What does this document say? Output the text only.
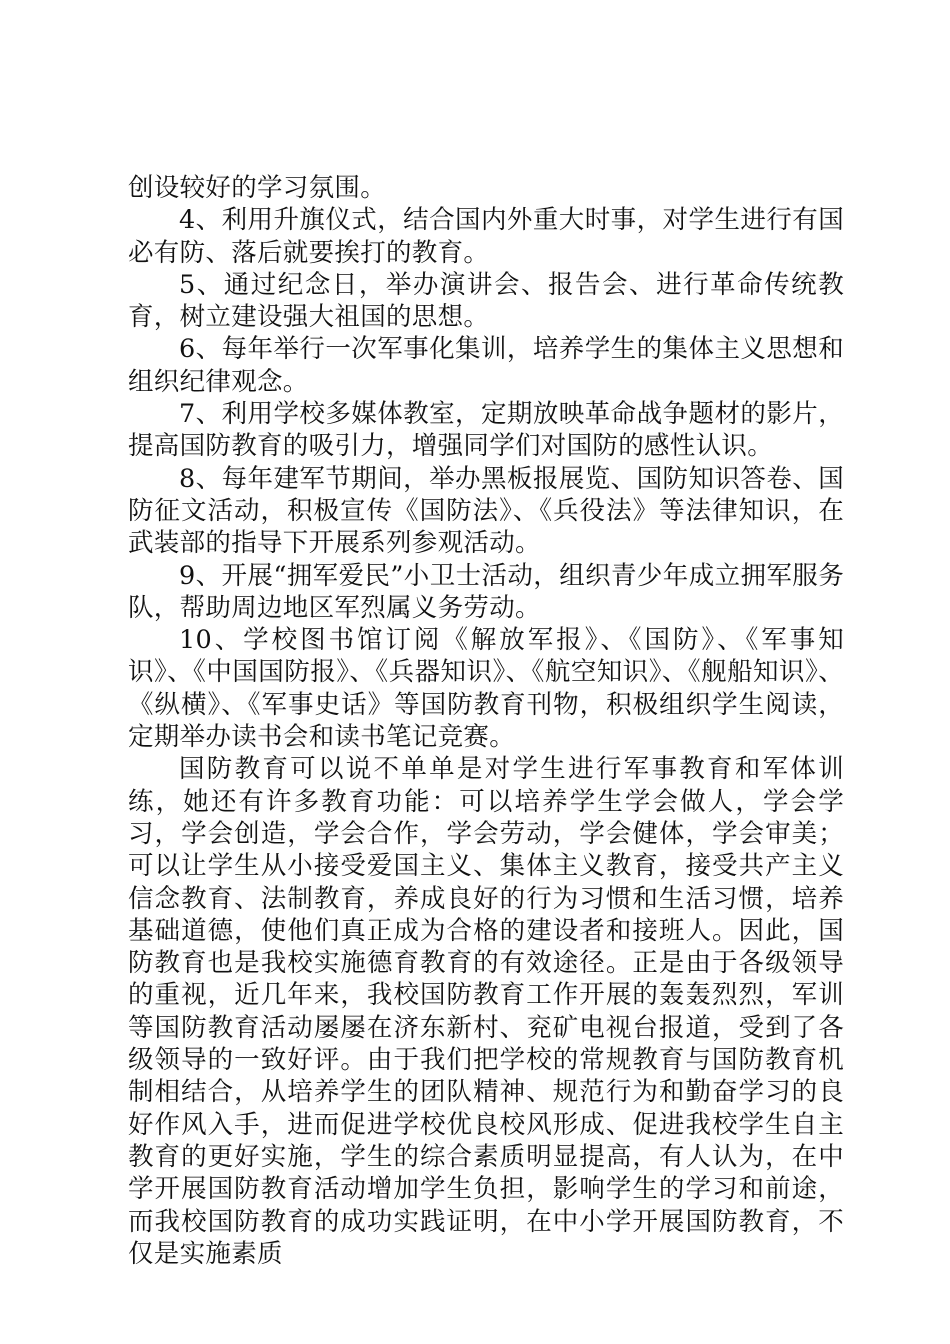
创设较好的学习氛围。

4、利用升旗仪式，结合国内外重大时事，对学生进行有国必有防、落后就要挨打的教育。

5、通过纪念日，举办演讲会、报告会、进行革命传统教育，树立建设强大祖国的思想。

6、每年举行一次军事化集训，培养学生的集体主义思想和组织纪律观念。

7、利用学校多媒体教室，定期放映革命战争题材的影片，提高国防教育的吸引力，增强同学们对国防的感性认识。

8、每年建军节期间，举办黑板报展览、国防知识答卷、国防征文活动，积极宣传《国防法》、《兵役法》等法律知识，在武装部的指导下开展系列参观活动。

9、开展“拥军爱民”小卫士活动，组织青少年成立拥军服务队，帮助周边地区军烈属义务劳动。

10、学校图书馆订阅《解放军报》、《国防》、《军事知识》、《中国国防报》、《兵器知识》、《航空知识》、《舰船知识》、《纵横》、《军事史话》等国防教育刊物，积极组织学生阅读，定期举办读书会和读书笔记竞赛。

国防教育可以说不单单是对学生进行军事教育和军体训练，她还有许多教育功能：可以培养学生学会做人，学会学习，学会创造，学会合作，学会劳动，学会健体，学会审美；可以让学生从小接受爱国主义、集体主义教育，接受共产主义信念教育、法制教育，养成良好的行为习惯和生活习惯，培养基础道德，使他们真正成为合格的建设者和接班人。因此，国防教育也是我校实施德育教育的有效途径。正是由于各级领导的重视，近几年来，我校国防教育工作开展的轰轰烈烈，军训等国防教育活动屡屡在济东新村、兖矿电视台报道，受到了各级领导的一致好评。由于我们把学校的常规教育与国防教育机制相结合，从培养学生的团队精神、规范行为和勤奋学习的良好作风入手，进而促进学校优良校风形成、促进我校学生自主教育的更好实施，学生的综合素质明显提高，有人认为，在中学开展国防教育活动增加学生负担，影响学生的学习和前途，而我校国防教育的成功实践证明，在中小学开展国防教育，不仅是实施素质
